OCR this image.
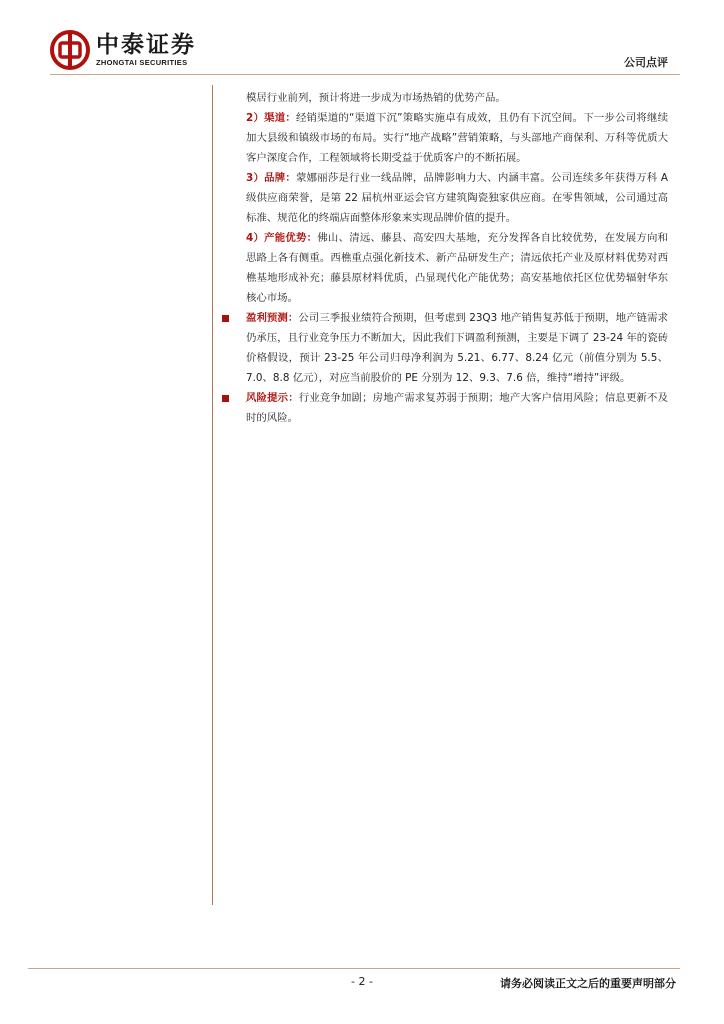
中泰证券
ZHONGTAI SECURITIES	公司点评

模居行业前列，预计将进一步成为市场热销的优势产品。

2）渠道：经销渠道的“渠道下沉”策略实施卓有成效，且仍有下沉空间。下一步公司将继续加大县级和镇级市场的布局。实行“地产战略”营销策略，与头部地产商保利、万科等优质大客户深度合作，工程领域将长期受益于优质客户的不断拓展。

3）品牌：蒙娜丽莎是行业一线品牌，品牌影响力大、内涵丰富。公司连续多年获得万科 A 级供应商荣誉，是第 22 届杭州亚运会官方建筑陶瓷独家供应商。在零售领域，公司通过高标准、规范化的终端店面整体形象来实现品牌价值的提升。

4）产能优势：佛山、清远、藤县、高安四大基地，充分发挥各自比较优势，在发展方向和思路上各有侧重。西樵重点强化新技术、新产品研发生产；清远依托产业及原材料优势对西樵基地形成补充；藤县原材料优质，凸显现代化产能优势；高安基地依托区位优势辐射华东核心市场。

盈利预测：公司三季报业绩符合预期，但考虑到 23Q3 地产销售复苏低于预期，地产链需求仍承压，且行业竞争压力不断加大，因此我们下调盈利预测，主要是下调了 23-24 年的瓷砖价格假设，预计 23-25 年公司归母净利润为 5.21、6.77、8.24 亿元（前值分别为 5.5、7.0、8.8 亿元），对应当前股价的 PE 分别为 12、9.3、7.6 倍，维持“增持”评级。

风险提示：行业竞争加剧；房地产需求复苏弱于预期；地产大客户信用风险；信息更新不及时的风险。

- 2 -	请务必阅读正文之后的重要声明部分
